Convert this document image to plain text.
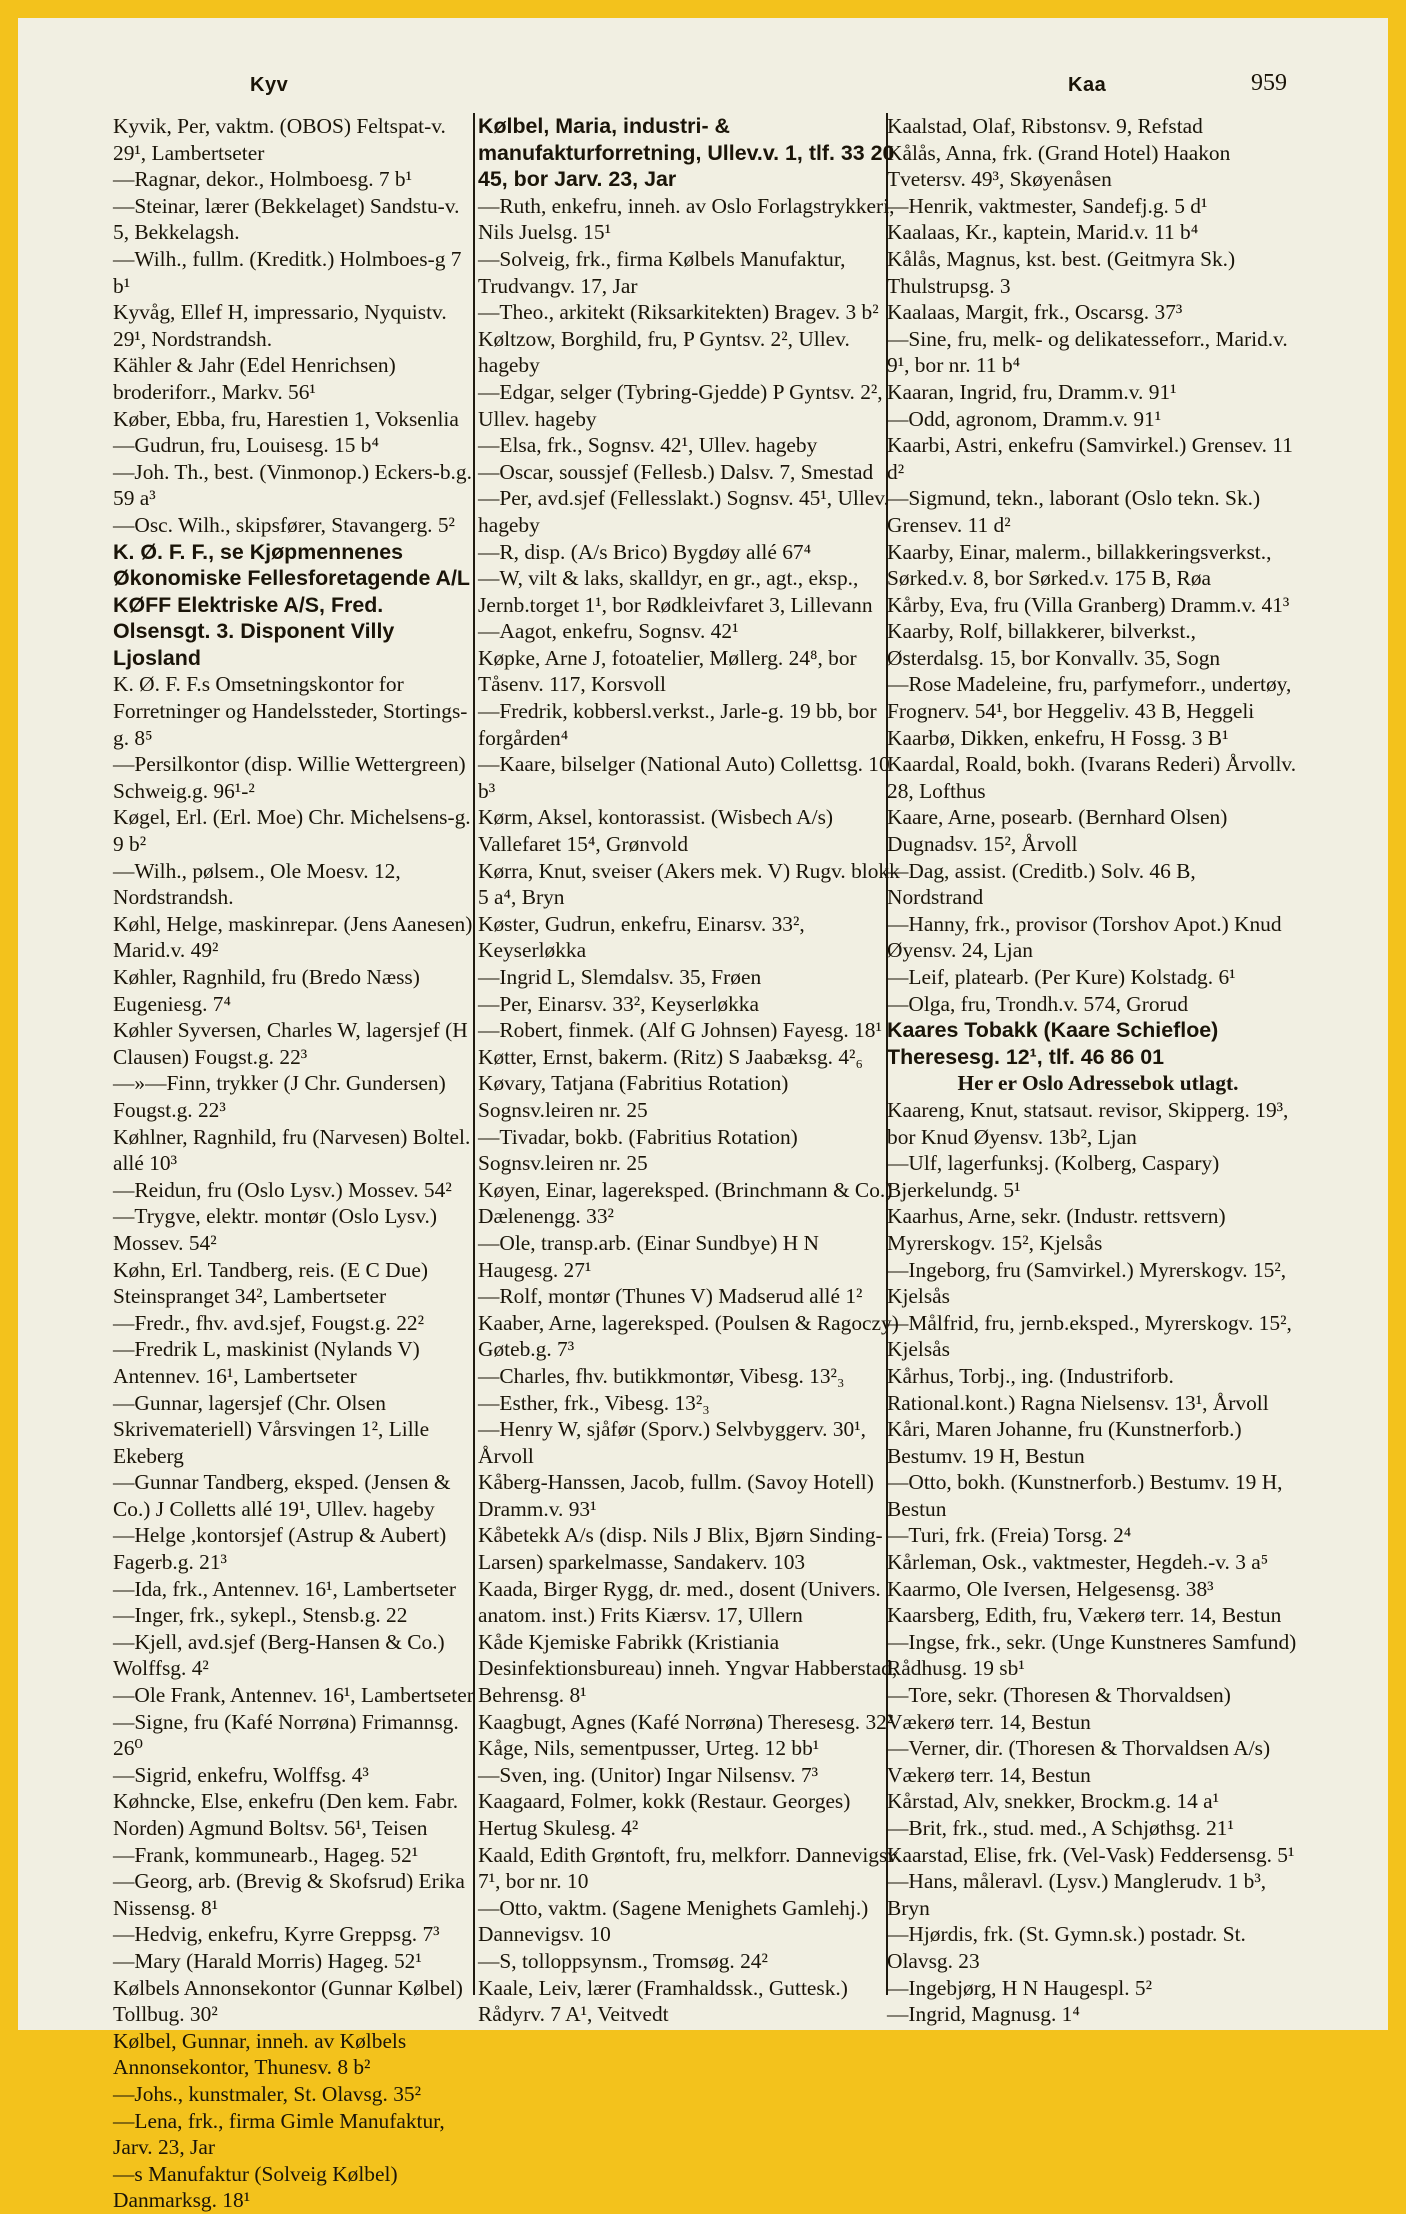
Kyv	Kaa	959
Kyvik, Per, vaktm. (OBOS) Feltspat-v. 29¹, Lambertseter
—Ragnar, dekor., Holmboesg. 7 b¹
—Steinar, lærer (Bekkelaget) Sandstu-v. 5, Bekkelagsh.
—Wilh., fullm. (Kreditk.) Holmboes-g 7 b¹
Kyvåg, Ellef H, impressario, Nyquistv. 29¹, Nordstrandsh.
Kähler & Jahr (Edel Henrichsen) broderiforr., Markv. 56¹
Køber, Ebba, fru, Harestien 1, Voksenlia
—Gudrun, fru, Louisesg. 15 b⁴
—Joh. Th., best. (Vinmonop.) Eckers-b.g. 59 a³
—Osc. Wilh., skipsfører, Stavangerg. 5²
K. Ø. F. F., se Kjøpmennenes Økonomiske Fellesforetagende A/L
KØFF Elektriske A/S, Fred. Olsensgt. 3. Disponent Villy Ljosland
K. Ø. F. F.s Omsetningskontor for Forretninger og Handelssteder, Stortings-g. 8⁵
—Persilkontor (disp. Willie Wettergreen) Schweig.g. 96¹-²
Køgel, Erl. (Erl. Moe) Chr. Michelsens-g. 9 b²
—Wilh., pølsem., Ole Moesv. 12, Nordstrandsh.
Køhl, Helge, maskinrepar. (Jens Aanesen) Marid.v. 49²
Køhler, Ragnhild, fru (Bredo Næss) Eugeniesg. 7⁴
Køhler Syversen, Charles W, lagersjef (H Clausen) Fougst.g. 22³
—»—Finn, trykker (J Chr. Gundersen) Fougst.g. 22³
Køhlner, Ragnhild, fru (Narvesen) Boltel. allé 10³
—Reidun, fru (Oslo Lysv.) Mossev. 54²
—Trygve, elektr. montør (Oslo Lysv.) Mossev. 54²
Køhn, Erl. Tandberg, reis. (E C Due) Steinspranget 34², Lambertseter
—Fredr., fhv. avd.sjef, Fougst.g. 22²
—Fredrik L, maskinist (Nylands V) Antennev. 16¹, Lambertseter
—Gunnar, lagersjef (Chr. Olsen Skrivemateriell) Vårsvingen 1², Lille Ekeberg
—Gunnar Tandberg, eksped. (Jensen & Co.) J Colletts allé 19¹, Ullev. hageby
—Helge ,kontorsjef (Astrup & Aubert) Fagerb.g. 21³
—Ida, frk., Antennev. 16¹, Lambertseter
—Inger, frk., sykepl., Stensb.g. 22
—Kjell, avd.sjef (Berg-Hansen & Co.) Wolffsg. 4²
—Ole Frank, Antennev. 16¹, Lambertseter
—Signe, fru (Kafé Norrøna) Frimannsg. 26⁰
—Sigrid, enkefru, Wolffsg. 4³
Køhncke, Else, enkefru (Den kem. Fabr. Norden) Agmund Boltsv. 56¹, Teisen
—Frank, kommunearb., Hageg. 52¹
—Georg, arb. (Brevig & Skofsrud) Erika Nissensg. 8¹
—Hedvig, enkefru, Kyrre Greppsg. 7³
—Mary (Harald Morris) Hageg. 52¹
Kølbels Annonsekontor (Gunnar Kølbel) Tollbug. 30²
Kølbel, Gunnar, inneh. av Kølbels Annonsekontor, Thunesv. 8 b²
—Johs., kunstmaler, St. Olavsg. 35²
—Lena, frk., firma Gimle Manufaktur, Jarv. 23, Jar
—s Manufaktur (Solveig Kølbel) Danmarksg. 18¹
Kølbel, Maria, industri- & manufakturforretning, Ullev.v. 1, tlf. 33 20 45, bor Jarv. 23, Jar
—Ruth, enkefru, inneh. av Oslo Forlagstrykkeri, Nils Juelsg. 15¹
—Solveig, frk., firma Kølbels Manufaktur, Trudvangv. 17, Jar
—Theo., arkitekt (Riksarkitekten) Bragev. 3 b²
Køltzow, Borghild, fru, P Gyntsv. 2², Ullev. hageby
—Edgar, selger (Tybring-Gjedde) P Gyntsv. 2², Ullev. hageby
—Elsa, frk., Sognsv. 42¹, Ullev. hageby
—Oscar, soussjef (Fellesb.) Dalsv. 7, Smestad
—Per, avd.sjef (Fellesslakt.) Sognsv. 45¹, Ullev. hageby
—R, disp. (A/s Brico) Bygdøy allé 67⁴
—W, vilt & laks, skalldyr, en gr., agt., eksp., Jernb.torget 1¹, bor Rødkleivfaret 3, Lillevann
—Aagot, enkefru, Sognsv. 42¹
Køpke, Arne J, fotoatelier, Møllerg. 24⁸, bor Tåsenv. 117, Korsvoll
—Fredrik, kobbersl.verkst., Jarle-g. 19 bb, bor forgården⁴
—Kaare, bilselger (National Auto) Collettsg. 10 b³
Kørm, Aksel, kontorassist. (Wisbech A/s) Vallefaret 15⁴, Grønvold
Kørra, Knut, sveiser (Akers mek. V) Rugv. blokk 5 a⁴, Bryn
Køster, Gudrun, enkefru, Einarsv. 33², Keyserløkka
—Ingrid L, Slemdalsv. 35, Frøen
—Per, Einarsv. 33², Keyserløkka
—Robert, finmek. (Alf G Johnsen) Fayesg. 18¹
Køtter, Ernst, bakerm. (Ritz) S Jaabæksg. 4²₆
Køvary, Tatjana (Fabritius Rotation) Sognsv.leiren nr. 25
—Tivadar, bokb. (Fabritius Rotation) Sognsv.leiren nr. 25
Køyen, Einar, lagereksped. (Brinchmann & Co.) Dælenengg. 33²
—Ole, transp.arb. (Einar Sundbye) H N Haugesg. 27¹
—Rolf, montør (Thunes V) Madserud allé 1²
Kaaber, Arne, lagereksped. (Poulsen & Ragoczy) Gøteb.g. 7³
—Charles, fhv. butikkmontør, Vibesg. 13²₃
—Esther, frk., Vibesg. 13²₃
—Henry W, sjåfør (Sporv.) Selvbyggerv. 30¹, Årvoll
Kåberg-Hanssen, Jacob, fullm. (Savoy Hotell) Dramm.v. 93¹
Kåbetekk A/s (disp. Nils J Blix, Bjørn Sinding-Larsen) sparkelmasse, Sandakerv. 103
Kaada, Birger Rygg, dr. med., dosent (Univers. anatom. inst.) Frits Kiærsv. 17, Ullern
Kåde Kjemiske Fabrikk (Kristiania Desinfektionsbureau) inneh. Yngvar Habberstad, Behrensg. 8¹
Kaagbugt, Agnes (Kafé Norrøna) Theresesg. 32²
Kåge, Nils, sementpusser, Urteg. 12 bb¹
—Sven, ing. (Unitor) Ingar Nilsensv. 7³
Kaagaard, Folmer, kokk (Restaur. Georges) Hertug Skulesg. 4²
Kaald, Edith Grøntoft, fru, melkforr. Dannevigsv. 7¹, bor nr. 10
—Otto, vaktm. (Sagene Menighets Gamlehj.) Dannevigsv. 10
—S, tolloppsynsm., Tromsøg. 24²
Kaale, Leiv, lærer (Framhaldssk., Guttesk.) Rådyrv. 7 A¹, Veitvedt
Kaalstad, Olaf, Ribstonsv. 9, Refstad
Kålås, Anna, frk. (Grand Hotel) Haakon Tvetersv. 49³, Skøyenåsen
—Henrik, vaktmester, Sandefj.g. 5 d¹
Kaalaas, Kr., kaptein, Marid.v. 11 b⁴
Kålås, Magnus, kst. best. (Geitmyra Sk.) Thulstrupsg. 3
Kaalaas, Margit, frk., Oscarsg. 37³
—Sine, fru, melk- og delikatesseforr., Marid.v. 9¹, bor nr. 11 b⁴
Kaaran, Ingrid, fru, Dramm.v. 91¹
—Odd, agronom, Dramm.v. 91¹
Kaarbi, Astri, enkefru (Samvirkel.) Grensev. 11 d²
—Sigmund, tekn., laborant (Oslo tekn. Sk.) Grensev. 11 d²
Kaarby, Einar, malerm., billakkeringsverkst., Sørked.v. 8, bor Sørked.v. 175 B, Røa
Kårby, Eva, fru (Villa Granberg) Dramm.v. 41³
Kaarby, Rolf, billakkerer, bilverkst., Østerdalsg. 15, bor Konvallv. 35, Sogn
—Rose Madeleine, fru, parfymeforr., undertøy, Frognerv. 54¹, bor Heggeliv. 43 B, Heggeli
Kaarbø, Dikken, enkefru, H Fossg. 3 B¹
Kaardal, Roald, bokh. (Ivarans Rederi) Årvollv. 28, Lofthus
Kaare, Arne, posearb. (Bernhard Olsen) Dugnadsv. 15², Årvoll
—Dag, assist. (Creditb.) Solv. 46 B, Nordstrand
—Hanny, frk., provisor (Torshov Apot.) Knud Øyensv. 24, Ljan
—Leif, platearb. (Per Kure) Kolstadg. 6¹
—Olga, fru, Trondh.v. 574, Grorud
Kaares Tobakk (Kaare Schiefloe) Theresesg. 12¹, tlf. 46 86 01
Her er Oslo Adressebok utlagt.
Kaareng, Knut, statsaut. revisor, Skipperg. 19³, bor Knud Øyensv. 13b², Ljan
—Ulf, lagerfunksj. (Kolberg, Caspary) Bjerkelundg. 5¹
Kaarhus, Arne, sekr. (Industr. rettsvern) Myrerskogv. 15², Kjelsås
—Ingeborg, fru (Samvirkel.) Myrerskogv. 15², Kjelsås
—Målfrid, fru, jernb.eksped., Myrerskogv. 15², Kjelsås
Kårhus, Torbj., ing. (Industriforb. Rational.kont.) Ragna Nielsensv. 13¹, Årvoll
Kåri, Maren Johanne, fru (Kunstnerforb.) Bestumv. 19 H, Bestun
—Otto, bokh. (Kunstnerforb.) Bestumv. 19 H, Bestun
—Turi, frk. (Freia) Torsg. 2⁴
Kårleman, Osk., vaktmester, Hegdeh.-v. 3 a⁵
Kaarmo, Ole Iversen, Helgesensg. 38³
Kaarsberg, Edith, fru, Vækerø terr. 14, Bestun
—Ingse, frk., sekr. (Unge Kunstneres Samfund) Rådhusg. 19 sb¹
—Tore, sekr. (Thoresen & Thorvaldsen) Vækerø terr. 14, Bestun
—Verner, dir. (Thoresen & Thorvaldsen A/s) Vækerø terr. 14, Bestun
Kårstad, Alv, snekker, Brockm.g. 14 a¹
—Brit, frk., stud. med., A Schjøthsg. 21¹
Kaarstad, Elise, frk. (Vel-Vask) Feddersensg. 5¹
—Hans, måleravl. (Lysv.) Manglerudv. 1 b³, Bryn
—Hjørdis, frk. (St. Gymn.sk.) postadr. St. Olavsg. 23
—Ingebjørg, H N Haugespl. 5²
—Ingrid, Magnusg. 1⁴
